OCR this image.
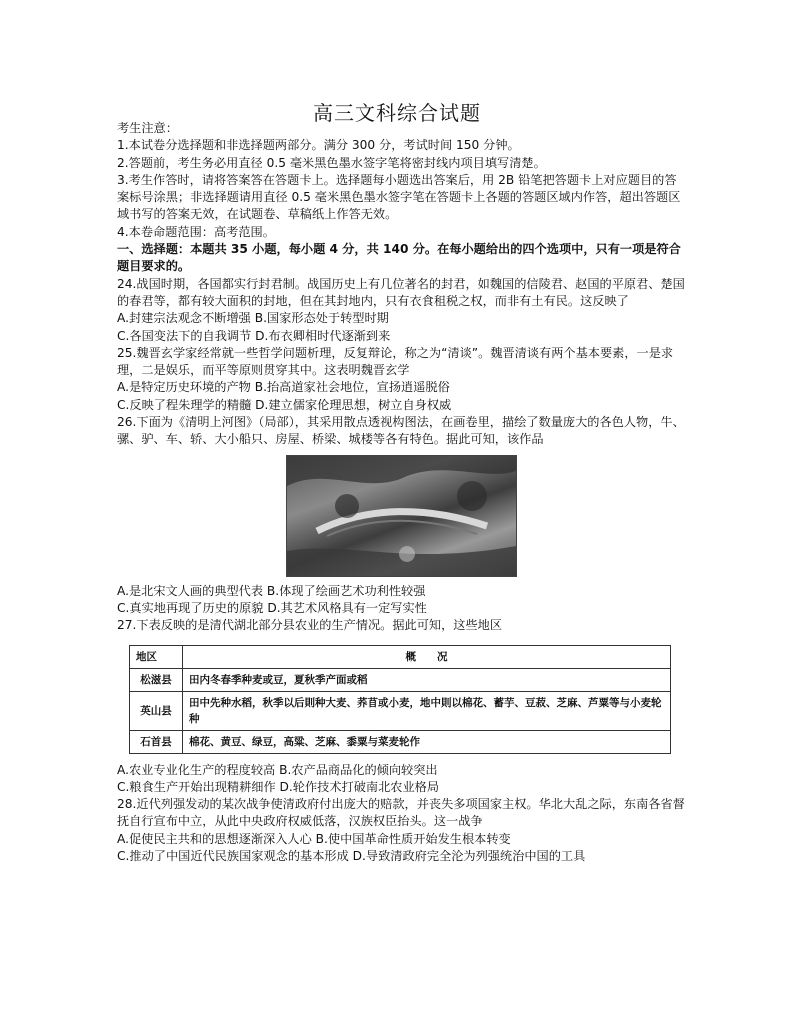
高三文科综合试题

考生注意：

1.本试卷分选择题和非选择题两部分。满分 300 分，考试时间 150 分钟。

2.答题前，考生务必用直径 0.5 毫米黑色墨水签字笔将密封线内项目填写清楚。

3.考生作答时，请将答案答在答题卡上。选择题每小题选出答案后，用 2B 铅笔把答题卡上对应题目的答案标号涂黑；非选择题请用直径 0.5 毫米黑色墨水签字笔在答题卡上各题的答题区域内作答，超出答题区域书写的答案无效，在试题卷、草稿纸上作答无效。

4.本卷命题范围：高考范围。

一、选择题：本题共 35 小题，每小题 4 分，共 140 分。在每小题给出的四个选项中，只有一项是符合题目要求的。

24.战国时期，各国都实行封君制。战国历史上有几位著名的封君，如魏国的信陵君、赵国的平原君、楚国的春君等，都有较大面积的封地，但在其封地内，只有衣食租税之权，而非有土有民。这反映了

A.封建宗法观念不断增强 B.国家形态处于转型时期

C.各国变法下的自我调节 D.布衣卿相时代逐渐到来

25.魏晋玄学家经常就一些哲学问题析理，反复辩论，称之为“清谈”。魏晋清谈有两个基本要素，一是求理，二是娱乐，而平等原则贯穿其中。这表明魏晋玄学

A.是特定历史环境的产物 B.抬高道家社会地位，宣扬逍遥脱俗

C.反映了程朱理学的精髓 D.建立儒家伦理思想，树立自身权威

26.下面为《清明上河图》（局部），其采用散点透视构图法，在画卷里，描绘了数量庞大的各色人物，牛、骡、驴、车、轿、大小船只、房屋、桥梁、城楼等各有特色。据此可知，该作品

A.是北宋文人画的典型代表 B.体现了绘画艺术功利性较强

C.真实地再现了历史的原貌 D.其艺术风格具有一定写实性

27.下表反映的是清代湖北部分县农业的生产情况。据此可知，这些地区

地区	概　　况
松滋县	田内冬春季种麦或豆，夏秋季产面或稻
英山县	田中先种水稻，秋季以后則种大麦、荞苜或小麦，地中則以棉花、蓄芋、豆菽、芝麻、芦粟等与小麦轮种
石首县	棉花、黄豆、绿豆，高粱、芝麻、黍粟与菜麦轮作

A.农业专业化生产的程度较高 B.农产品商品化的倾向较突出

C.粮食生产开始出现精耕细作 D.轮作技术打破南北农业格局

28.近代列强发动的某次战争使清政府付出庞大的赔款，并丧失多项国家主权。华北大乱之际，东南各省督抚自行宣布中立，从此中央政府权威低落，汉族权臣抬头。这一战争

A.促使民主共和的思想逐渐深入人心 B.使中国革命性质开始发生根本转变

C.推动了中国近代民族国家观念的基本形成 D.导致清政府完全沦为列强统治中国的工具
